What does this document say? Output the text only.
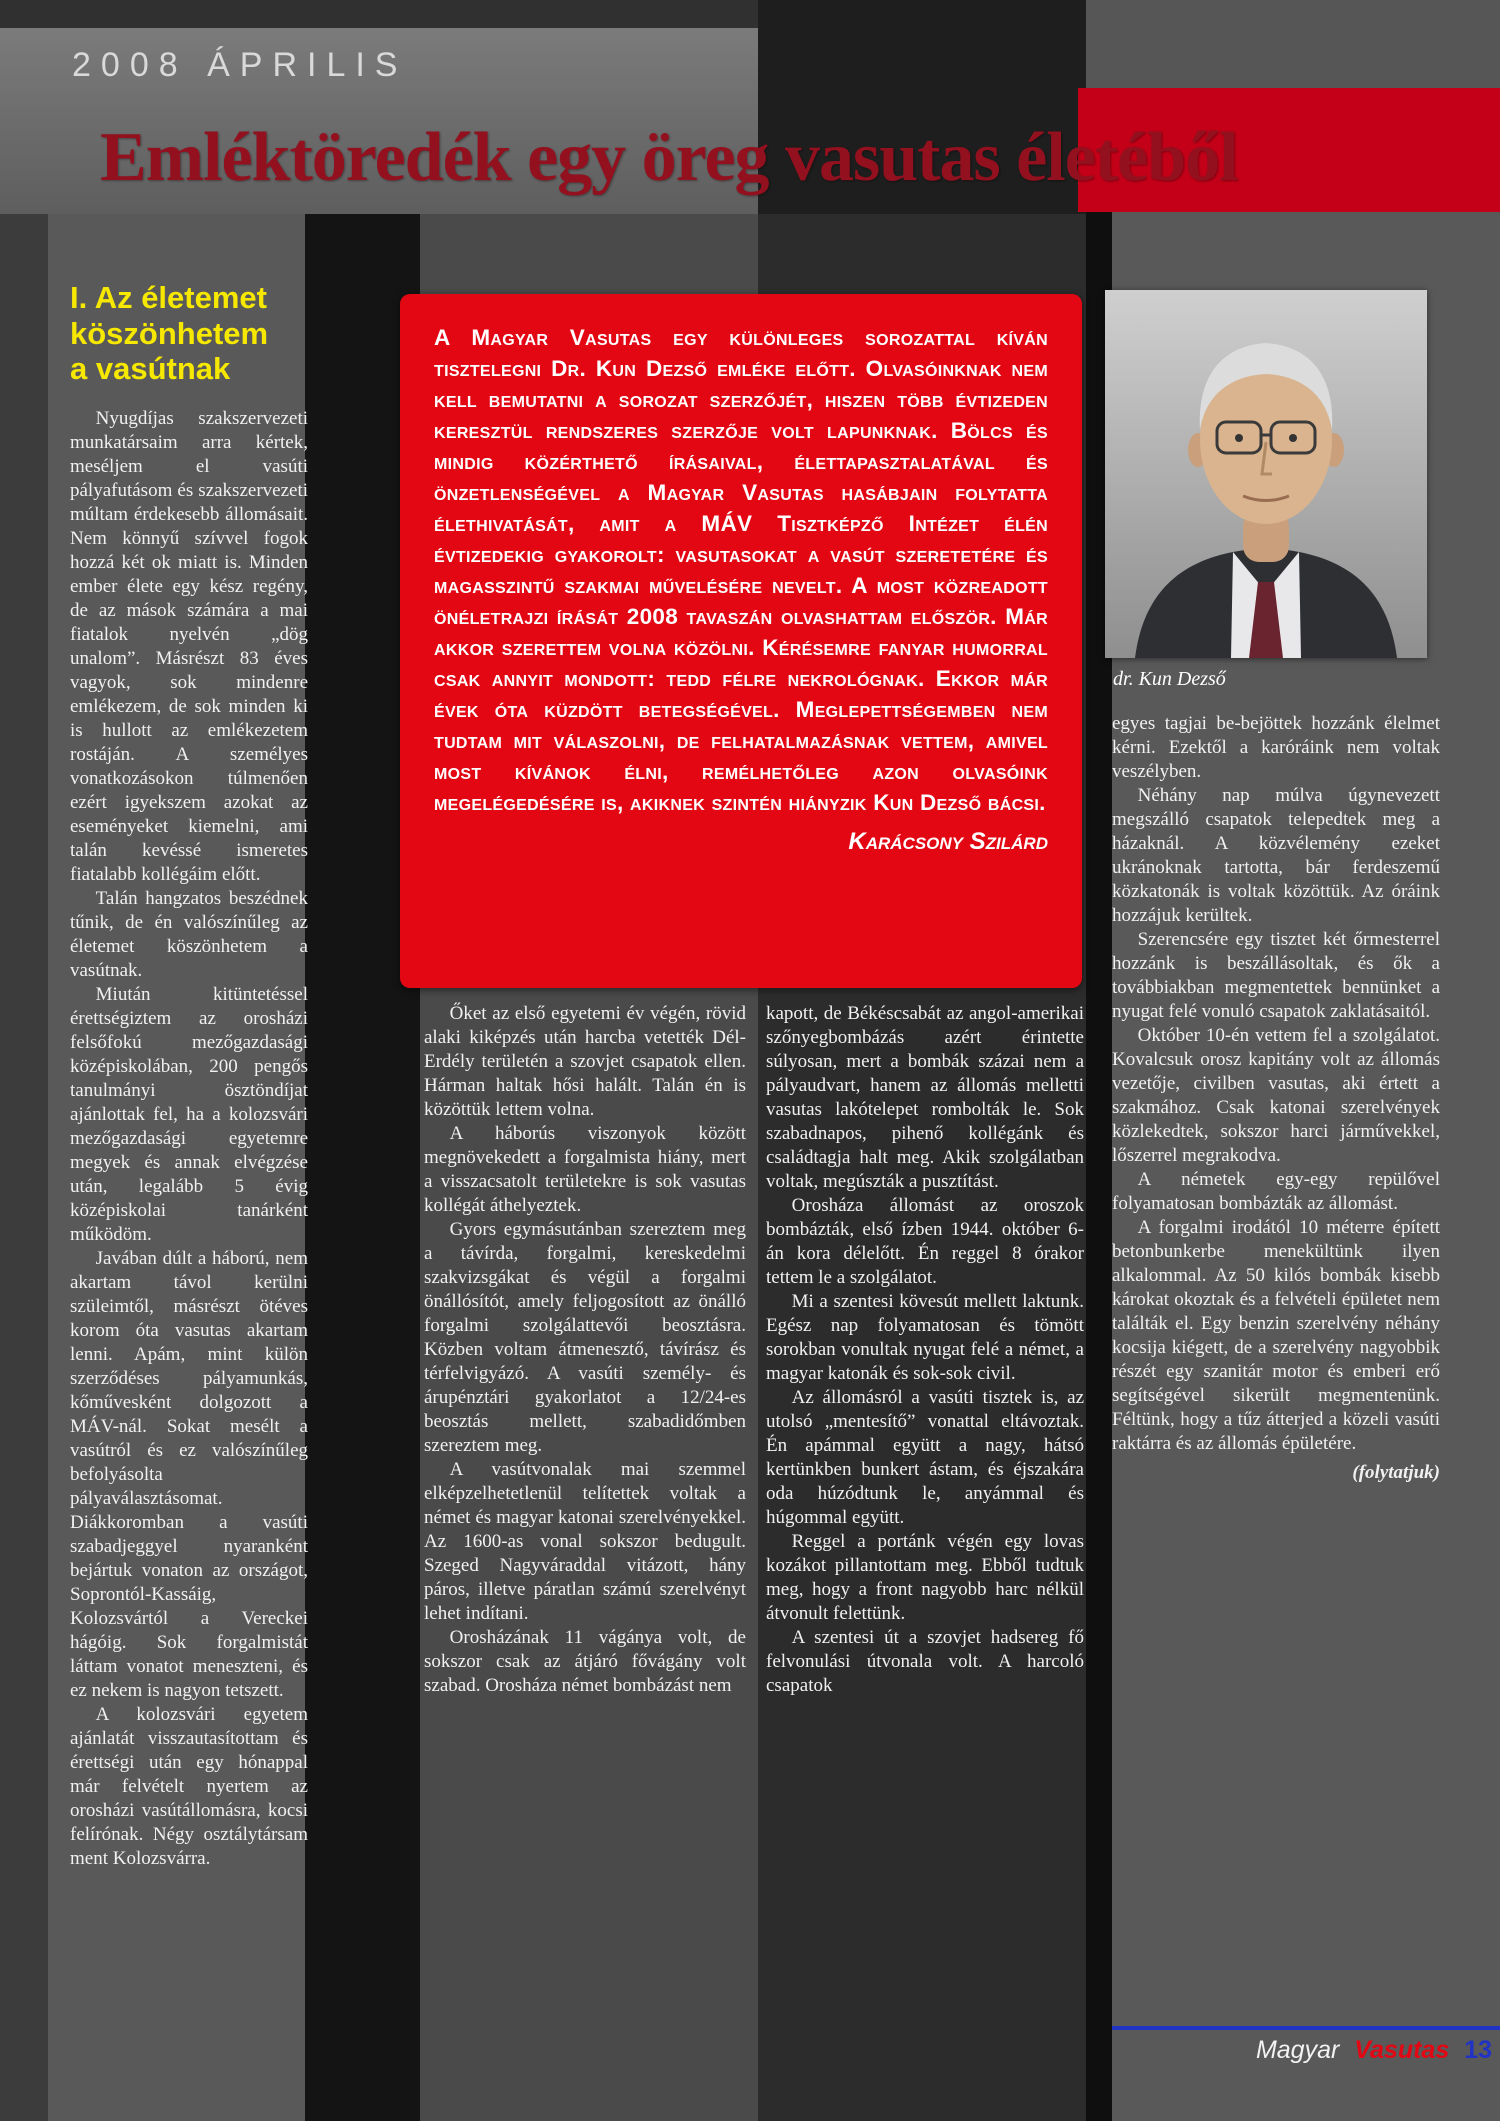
2008 ÁPRILIS
Emléktöredék egy öreg vasutas életéből

I. Az életemet

köszönhetem

a vasútnak

Nyugdíjas szakszervezeti munkatársaim arra kértek, meséljem el vasúti pályafutásom és szakszervezeti múltam érdekesebb állomásait. Nem könnyű szívvel fogok hozzá két ok miatt is. Minden ember élete egy kész regény, de az mások számára a mai fiatalok nyelvén „dög unalom”. Másrészt 83 éves vagyok, sok mindenre emlékezem, de sok minden ki is hullott az emlékezetem rostáján. A személyes vonatkozásokon túlmenően ezért igyekszem azokat az eseményeket kiemelni, ami talán kevéssé ismeretes fiatalabb kollégáim előtt.

Talán hangzatos beszédnek tűnik, de én valószínűleg az életemet köszönhetem a vasútnak.

Miután kitüntetéssel érettségiztem az orosházi felsőfokú mezőgazdasági középiskolában, 200 pengős tanulmányi ösztöndíjat ajánlottak fel, ha a kolozsvári mezőgazdasági egyetemre megyek és annak elvégzése után, legalább 5 évig középiskolai tanárként működöm.

Javában dúlt a háború, nem akartam távol kerülni szüleimtől, másrészt ötéves korom óta vasutas akartam lenni. Apám, mint külön szerződéses pályamunkás, kőművesként dolgozott a MÁV-nál. Sokat mesélt a vasútról és ez valószínűleg befolyásolta pályaválasztásomat. Diákkoromban a vasúti szabadjeggyel nyaranként bejártuk vonaton az országot, Soprontól-Kassáig, Kolozsvártól a Vereckei hágóig. Sok forgalmistát láttam vonatot meneszteni, és ez nekem is nagyon tetszett.

A kolozsvári egyetem ajánlatát visszautasítottam és érettségi után egy hónappal már felvételt nyertem az orosházi vasútállomásra, kocsi felírónak. Négy osztálytársam ment Kolozsvárra.

A Magyar Vasutas egy különleges sorozattal kíván tisztelegni Dr. Kun Dezső emléke előtt. Olvasóinknak nem kell bemutatni a sorozat szerzőjét, hiszen több évtizeden keresztül rendszeres szerzője volt lapunknak. Bölcs és mindig közérthető írásaival, élettapasztalatával és önzetlenségével a Magyar Vasutas hasábjain folytatta élethivatását, amit a MÁV Tisztképző Intézet élén évtizedekig gyakorolt: vasutasokat a vasút szeretetére és magasszintű szakmai művelésére nevelt. A most közreadott önéletrajzi írását 2008 tavaszán olvashattam először. Már akkor szerettem volna közölni. Kérésemre fanyar humorral csak annyit mondott: tedd félre nekrológnak. Ekkor már évek óta küzdött betegségével. Meglepettségemben nem tudtam mit válaszolni, de felhatalmazásnak vettem, amivel most kívánok élni, remélhetőleg azon olvasóink megelégedésére is, akiknek szintén hiányzik Kun Dezső bácsi.

Karácsony Szilárd

dr. Kun Dezső

Őket az első egyetemi év végén, rövid alaki kiképzés után harcba vetették Dél-Erdély területén a szovjet csapatok ellen. Hárman haltak hősi halált. Talán én is közöttük lettem volna.

A háborús viszonyok között megnövekedett a forgalmista hiány, mert a visszacsatolt területekre is sok vasutas kollégát áthelyeztek.

Gyors egymásutánban szereztem meg a távírda, forgalmi, kereskedelmi szakvizsgákat és végül a forgalmi önállósítót, amely feljogosított az önálló forgalmi szolgálattevői beosztásra. Közben voltam átmenesztő, távírász és térfelvigyázó. A vasúti személy- és árupénztári gyakorlatot a 12/24-es beosztás mellett, szabadidőmben szereztem meg.

A vasútvonalak mai szemmel elképzelhetetlenül telítettek voltak a német és magyar katonai szerelvényekkel. Az 1600-as vonal sokszor bedugult. Szeged Nagyváraddal vitázott, hány páros, illetve páratlan számú szerelvényt lehet indítani.

Orosházának 11 vágánya volt, de sokszor csak az átjáró fővágány volt szabad. Orosháza német bombázást nem

kapott, de Békéscsabát az angol-amerikai szőnyegbombázás azért érintette súlyosan, mert a bombák százai nem a pályaudvart, hanem az állomás melletti vasutas lakótelepet rombolták le. Sok szabadnapos, pihenő kollégánk és családtagja halt meg. Akik szolgálatban voltak, megúszták a pusztítást.

Orosháza állomást az oroszok bombázták, első ízben 1944. október 6-án kora délelőtt. Én reggel 8 órakor tettem le a szolgálatot.

Mi a szentesi kövesút mellett laktunk. Egész nap folyamatosan és tömött sorokban vonultak nyugat felé a német, a magyar katonák és sok-sok civil.

Az állomásról a vasúti tisztek is, az utolsó „mentesítő” vonattal eltávoztak. Én apámmal együtt a nagy, hátsó kertünkben bunkert ástam, és éjszakára oda húzódtunk le, anyámmal és húgommal együtt.

Reggel a portánk végén egy lovas kozákot pillantottam meg. Ebből tudtuk meg, hogy a front nagyobb harc nélkül átvonult felettünk.

A szentesi út a szovjet hadsereg fő felvonulási útvonala volt. A harcoló csapatok

egyes tagjai be-bejöttek hozzánk élelmet kérni. Ezektől a karóráink nem voltak veszélyben.

Néhány nap múlva úgynevezett megszálló csapatok telepedtek meg a házaknál. A közvélemény ezeket ukránoknak tartotta, bár ferdeszemű közkatonák is voltak közöttük. Az óráink hozzájuk kerültek.

Szerencsére egy tisztet két őrmesterrel hozzánk is beszállásoltak, és ők a továbbiakban megmentettek bennünket a nyugat felé vonuló csapatok zaklatásaitól.

Október 10-én vettem fel a szolgálatot. Kovalcsuk orosz kapitány volt az állomás vezetője, civilben vasutas, aki értett a szakmához. Csak katonai szerelvények közlekedtek, sokszor harci járművekkel, lőszerrel megrakodva.

A németek egy-egy repülővel folyamatosan bombázták az állomást.

A forgalmi irodától 10 méterre épített betonbunkerbe menekültünk ilyen alkalommal. Az 50 kilós bombák kisebb károkat okoztak és a felvételi épületet nem találták el. Egy benzin szerelvény néhány kocsija kiégett, de a szerelvény nagyobbik részét egy szanitár motor és emberi erő segítségével sikerült megmentenünk. Féltünk, hogy a tűz átterjed a közeli vasúti raktárra és az állomás épületére.

(folytatjuk)

Magyar Vasutas 13
